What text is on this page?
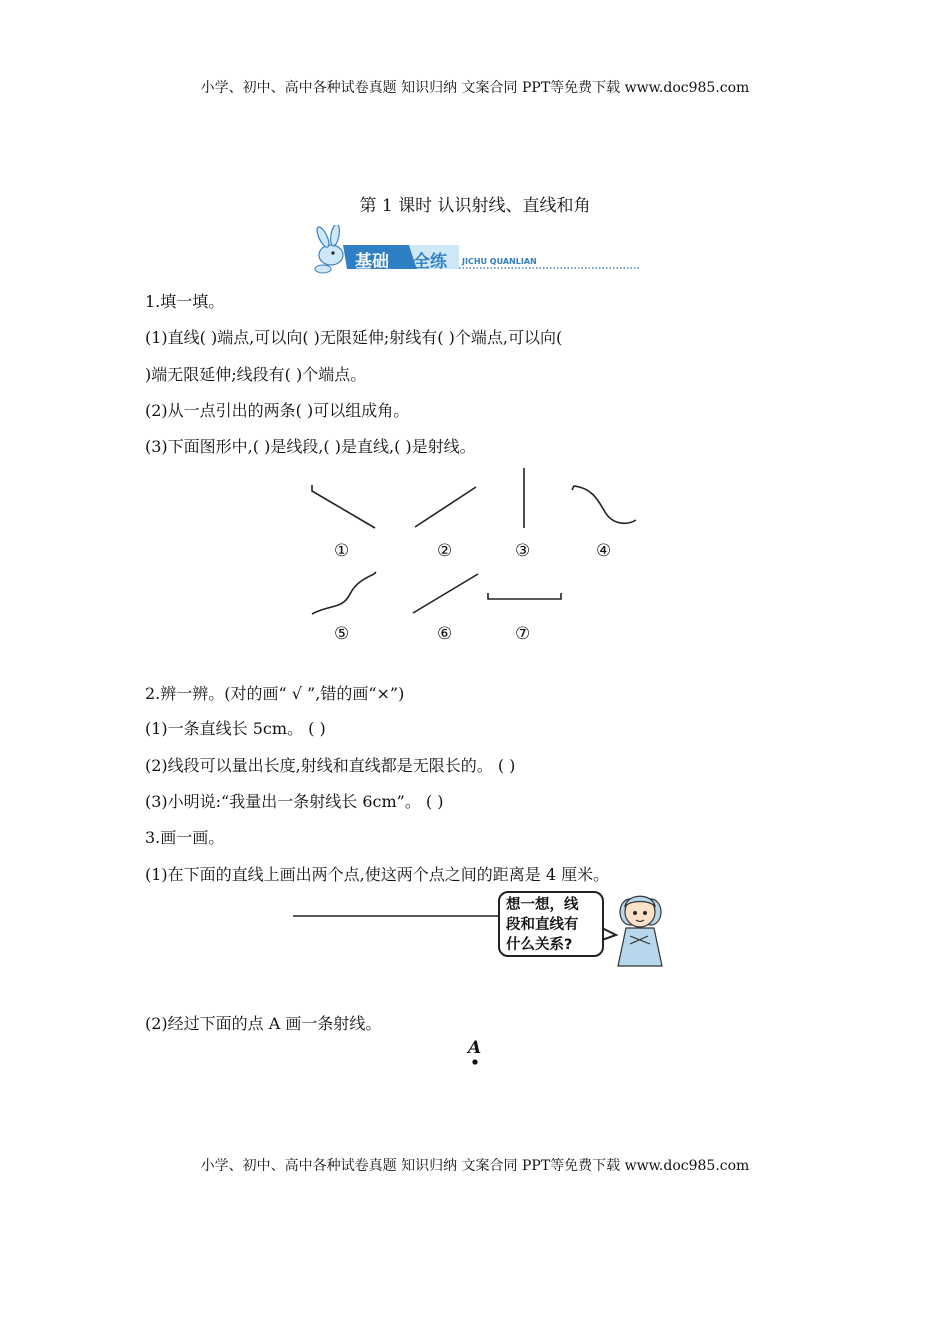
小学、初中、高中各种试卷真题 知识归纳 文案合同 PPT等免费下载 www.doc985.com
第 1 课时 认识射线、直线和角
基础 全练 JICHU QUANLIAN
1.填一填。
(1)直线( )端点,可以向( )无限延伸;射线有( )个端点,可以向(
)端无限延伸;线段有( )个端点。
(2)从一点引出的两条( )可以组成角。
(3)下面图形中,( )是线段,( )是直线,( )是射线。
①	②	③	④
⑤	⑥	⑦
2.辨一辨。(对的画“ √ ”,错的画“×”)
(1)一条直线长 5cm。 ( )
(2)线段可以量出长度,射线和直线都是无限长的。 ( )
(3)小明说:“我量出一条射线长 6cm”。 ( )
3.画一画。
(1)在下面的直线上画出两个点,使这两个点之间的距离是 4 厘米。
想一想，线
段和直线有
什么关系?
(2)经过下面的点 A 画一条射线。
A
小学、初中、高中各种试卷真题 知识归纳 文案合同 PPT等免费下载 www.doc985.com
